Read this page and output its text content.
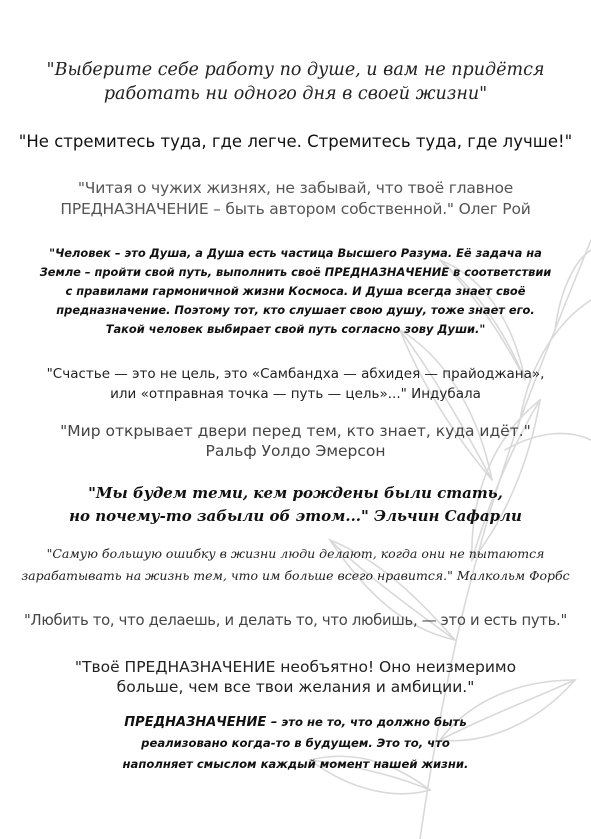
"Выберите себе работу по душе, и вам не придётся
работать ни одного дня в своей жизни"
"Не стремитесь туда, где легче. Стремитесь туда, где лучше!"
"Читая о чужих жизнях, не забывай, что твоё главное
ПРЕДНАЗНАЧЕНИЕ – быть автором собственной." Олег Рой
"Человек – это Душа, а Душа есть частица Высшего Разума. Её задача на
Земле – пройти свой путь, выполнить своё ПРЕДНАЗНАЧЕНИЕ в соответствии
с правилами гармоничной жизни Космоса. И Душа всегда знает своё
предназначение. Поэтому тот, кто слушает свою душу, тоже знает его.
Такой человек выбирает свой путь согласно зову Души."
"Счастье — это не цель, это «Самбандха — абхидея — прайоджана»,
или «отправная точка — путь — цель»..." Индубала
"Мир открывает двери перед тем, кто знает, куда идёт."
Ральф Уолдо Эмерсон
"Мы будем теми, кем рождены были стать,
но почему-то забыли об этом..." Эльчин Сафарли
"Самую большую ошибку в жизни люди делают, когда они не пытаются
зарабатывать на жизнь тем, что им больше всего нравится." Малкольм Форбс
"Любить то, что делаешь, и делать то, что любишь, — это и есть путь."
"Твоё ПРЕДНАЗНАЧЕНИЕ необъятно! Оно неизмеримо
больше, чем все твои желания и амбиции."
ПРЕДНАЗНАЧЕНИЕ – это не то, что должно быть
реализовано когда-то в будущем. Это то, что
наполняет смыслом каждый момент нашей жизни.
